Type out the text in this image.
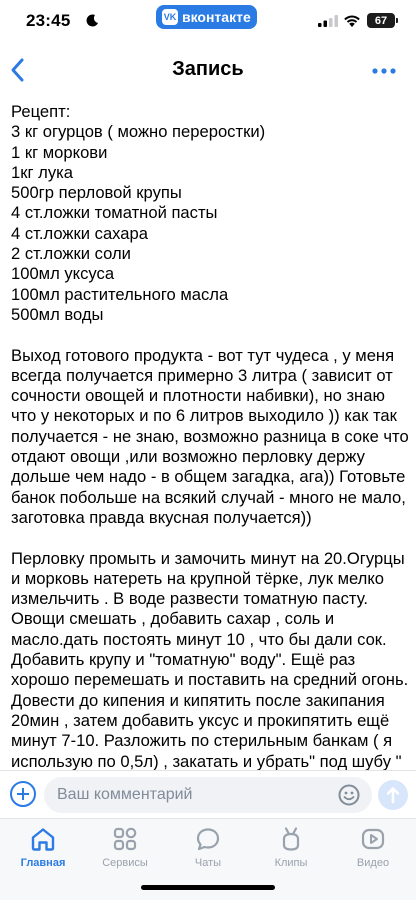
23:45	VK вконтакте	67
Запись
Рецепт:
3 кг огурцов ( можно переростки)
1 кг моркови
1кг лука
500гр перловой крупы
4 ст.ложки томатной пасты
4 ст.ложки сахара
2 ст.ложки соли
100мл уксуса
100мл растительного масла
500мл воды
Выход готового продукта - вот тут чудеса , у меня
всегда получается примерно 3 литра ( зависит от
сочности овощей и плотности набивки), но знаю
что у некоторых и по 6 литров выходило )) как так
получается - не знаю, возможно разница в соке что
отдают овощи ,или возможно перловку держу
дольше чем надо - в общем загадка, ага)) Готовьте
банок побольше на всякий случай - много не мало,
заготовка правда вкусная получается))
Перловку промыть и замочить минут на 20.Огурцы
и морковь натереть на крупной тёрке, лук мелко
измельчить . В воде развести томатную пасту.
Овощи смешать , добавить сахар , соль и
масло.дать постоять минут 10 , что бы дали сок.
Добавить крупу и "томатную" воду". Ещё раз
хорошо перемешать и поставить на средний огонь.
Довести до кипения и кипятить после закипания
20мин , затем добавить уксус и прокипятить ещё
минут 7-10. Разложить по стерильным банкам ( я
использую по 0,5л) , закатать и убрать" под шубу "
Ваш комментарий
Главная	Сервисы	Чаты	Клипы	Видео
